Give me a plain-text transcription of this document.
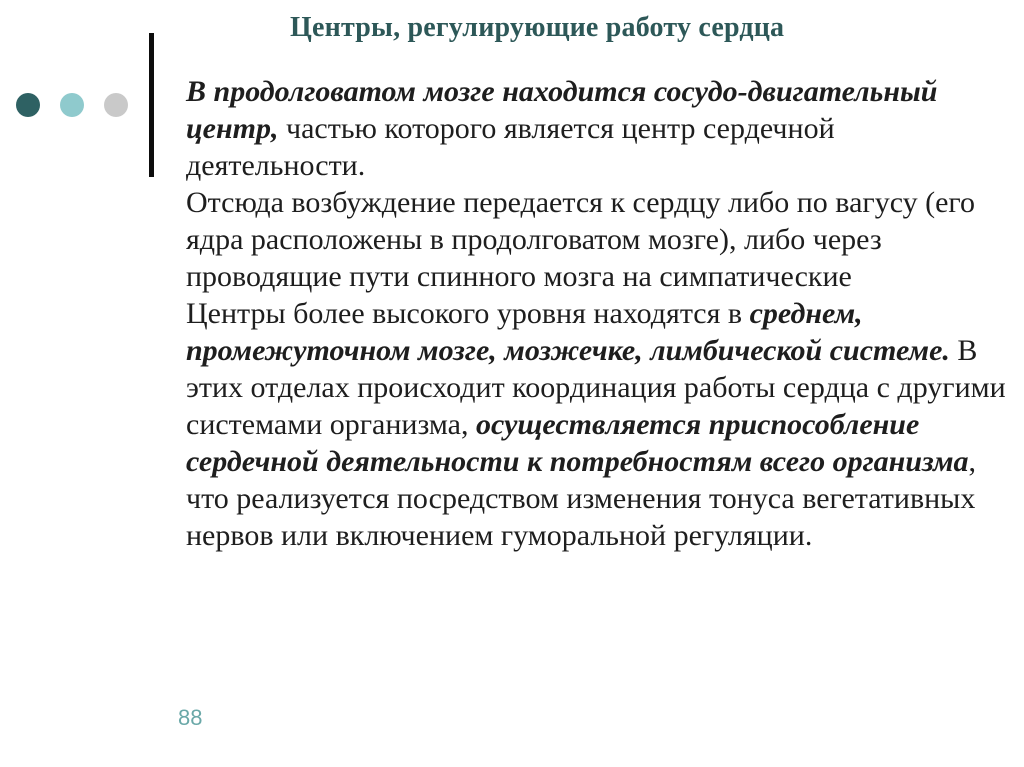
Центры, регулирующие работу сердца

В продолговатом мозге находится сосудо-двигательный центр, частью которого является центр сердечной деятельности.

Отсюда возбуждение передается к сердцу либо по вагусу (его ядра расположены в продолговатом мозге), либо через проводящие пути спинного мозга на симпатические

Центры более высокого уровня находятся в среднем, промежуточном мозге, мозжечке, лимбической системе. В этих отделах происходит координация работы сердца с другими системами организма, осуществляется приспособление сердечной деятельности к потребностям всего организма, что реализуется посредством изменения тонуса вегетативных нервов или включением гуморальной регуляции.

88
